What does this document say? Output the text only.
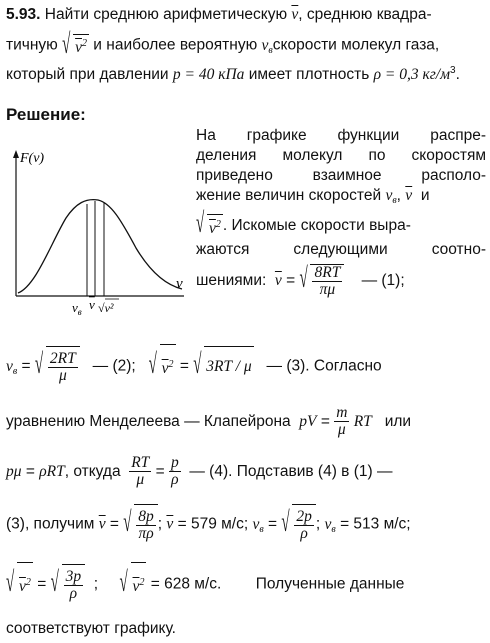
5.93. Найти среднюю арифметическую $\overline{v}$, среднюю квадра-
тичную √ $\overline{v}^2$ и наиболее вероятную $v_вскорости$ молекул газа,
который при давлении p = 40 кПа имеет плотность ρ = 0,3 $кг/м^3$.
Решение:
F(v)
v
$v_в$ v √v²
На графике функции распре-
деления молекул по скоростям
приведено взаимное располо-
жение величин скоростей $v_в$, $\overline{v}$ и
√ $\overline{v}^2$ . Искомые скорости выра-
жаются следующими соотно-
шениями: $\overline{v}$ = √ $\frac{8RT}{\pi\mu}$ — (1);
$v_в$ = √ $\frac{2RT}{\mu}$ — (2); √ $\overline{v}^2$ = √ 3RT / μ — (3). Согласно
уравнению Менделеева — Клапейрона pV = $\frac{m}{\mu}$ RT или
pμ = ρRT, откуда $\frac{RT}{\mu} = \frac{p}{\rho}$ — (4). Подставив (4) в (1) —
(3), получим $\overline{v}$ = √ $\frac{8p}{\pi\rho}$ ; $\overline{v} = 579$ м/с; $v_в$ = √ $\frac{2p}{\rho}$ ; $v_в = 513$ м/с;
√ $\overline{v}^2$ = √ $\frac{3p}{\rho}$ ; √ $\overline{v}^2 = 628$ м/с. Полученные данные
соответствуют графику.
